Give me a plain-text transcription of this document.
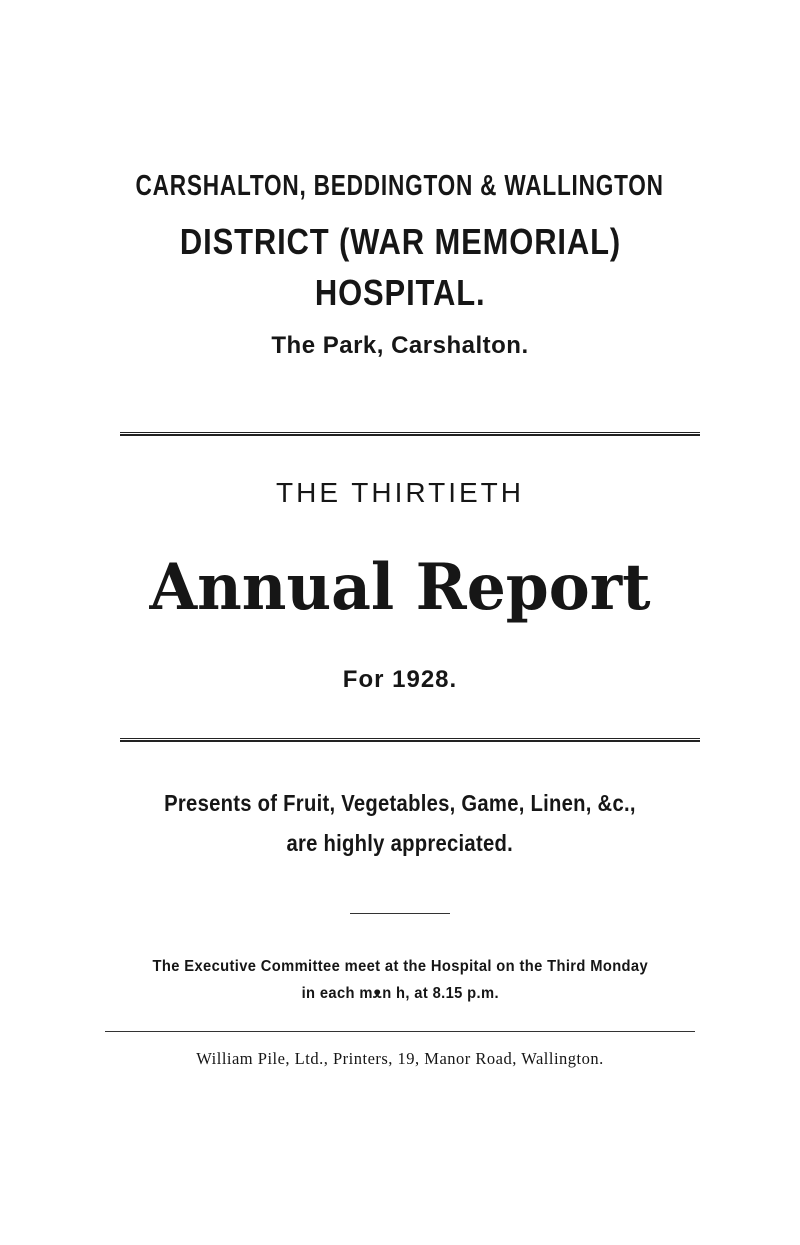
CARSHALTON, BEDDINGTON & WALLINGTON
DISTRICT (WAR MEMORIAL)
HOSPITAL.
The Park, Carshalton.
THE THIRTIETH
Annual Report
For 1928.
Presents of Fruit, Vegetables, Game, Linen, &c.,
are highly appreciated.
The Executive Committee meet at the Hospital on the Third Monday
in each mᴥn h, at 8.15 p.m.
William Pile, Ltd., Printers, 19, Manor Road, Wallington.
